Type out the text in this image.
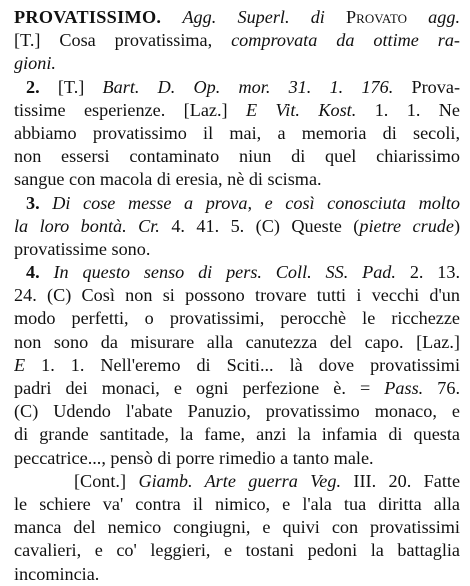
PROVATISSIMO. Agg. Superl. di Provato agg.
[T.] Cosa provatissima, comprovata da ottime ra-
gioni.
2. [T.] Bart. D. Op. mor. 31. 1. 176. Prova-
tissime esperienze. [Laz.] E Vit. Kost. 1. 1. Ne
abbiamo provatissimo il mai, a memoria di secoli,
non essersi contaminato niun di quel chiarissimo
sangue con macola di eresia, nè di scisma.
3. Di cose messe a prova, e così conosciuta molto
la loro bontà. Cr. 4. 41. 5. (C) Queste (pietre crude)
provatissime sono.
4. In questo senso di pers. Coll. SS. Pad. 2. 13.
24. (C) Così non si possono trovare tutti i vecchi d'un
modo perfetti, o provatissimi, perocchè le ricchezze
non sono da misurare alla canutezza del capo. [Laz.]
E 1. 1. Nell'eremo di Sciti... là dove provatissimi
padri dei monaci, e ogni perfezione è. = Pass. 76.
(C) Udendo l'abate Panuzio, provatissimo monaco, e
di grande santitade, la fame, anzi la infamia di questa
peccatrice..., pensò di porre rimedio a tanto male.
[Cont.] Giamb. Arte guerra Veg. III. 20. Fatte
le schiere va' contra il nimico, e l'ala tua diritta alla
manca del nemico congiugni, e quivi con provatissimi
cavalieri, e co' leggieri, e tostani pedoni la battaglia
incomincia.
